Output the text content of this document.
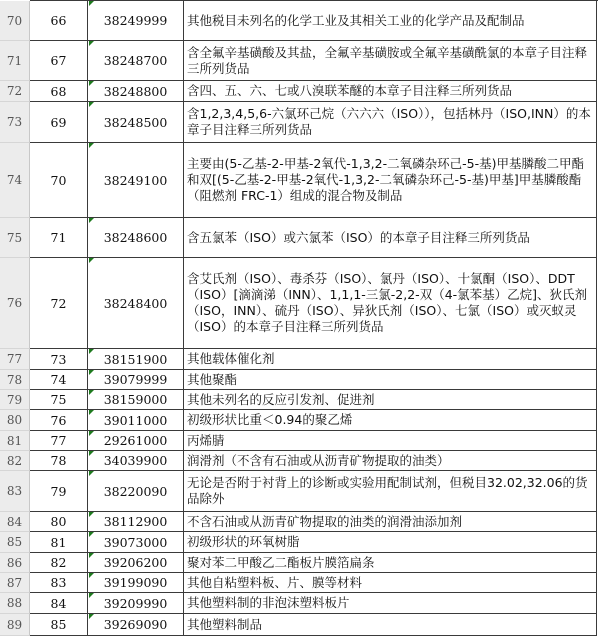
70 66	38249999 其他税目未列名的化学工业及其相关工业的化学产品及配制品
71 67	38248700
含全氟辛基磺酸及其盐，全氟辛基磺胺或全氟辛基磺酰氯的本章子目注释三所列货品
72 68	38248800 含四、五、六、七或八溴联苯醚的本章子目注释三所列货品
73 69	38248500
含1,2,3,4,5,6-六氯环己烷（六六六（ISO）），包括林丹（ISO,INN）的本章子目注释三所列货品
74 70	38249100
主要由(5-乙基-2-甲基-2氧代-1,3,2-二氧磷杂环己-5-基)甲基膦酸二甲酯和双[(5-乙基-2-甲基-2氧代-1,3,2-二氧磷杂环己-5-基)甲基]甲基膦酸酯（阻燃剂 FRC-1）组成的混合物及制品
75 71	38248600 含五氯苯（ISO）或六氯苯（ISO）的本章子目注释三所列货品
76 72	38248400
含艾氏剂（ISO）、毒杀芬（ISO）、氯丹（ISO）、十氯酮（ISO）、DDT（ISO）[滴滴涕（INN）、1,1,1-三氯-2,2-双（4-氯苯基）乙烷]、狄氏剂（ISO，INN）、硫丹（ISO）、异狄氏剂（ISO）、七氯（ISO）或灭蚁灵（ISO）的本章子目注释三所列货品
77 73	38151900 其他载体催化剂
78 74	39079999 其他聚酯
79 75	38159000 其他未列名的反应引发剂、促进剂
80 76	39011000 初级形状比重＜0.94的聚乙烯
81 77	29261000 丙烯腈
82 78	34039900 润滑剂（不含有石油或从沥青矿物提取的油类）
83 79	38220090
无论是否附于衬背上的诊断或实验用配制试剂，但税目32.02,32.06的货品除外
84 80	38112900 不含石油或从沥青矿物提取的油类的润滑油添加剂
85 81	39073000 初级形状的环氧树脂
86 82	39206200 聚对苯二甲酸乙二酯板片膜箔扁条
87 83	39199090 其他自粘塑料板、片、膜等材料
88 84	39209990 其他塑料制的非泡沫塑料板片
89 85	39269090 其他塑料制品
